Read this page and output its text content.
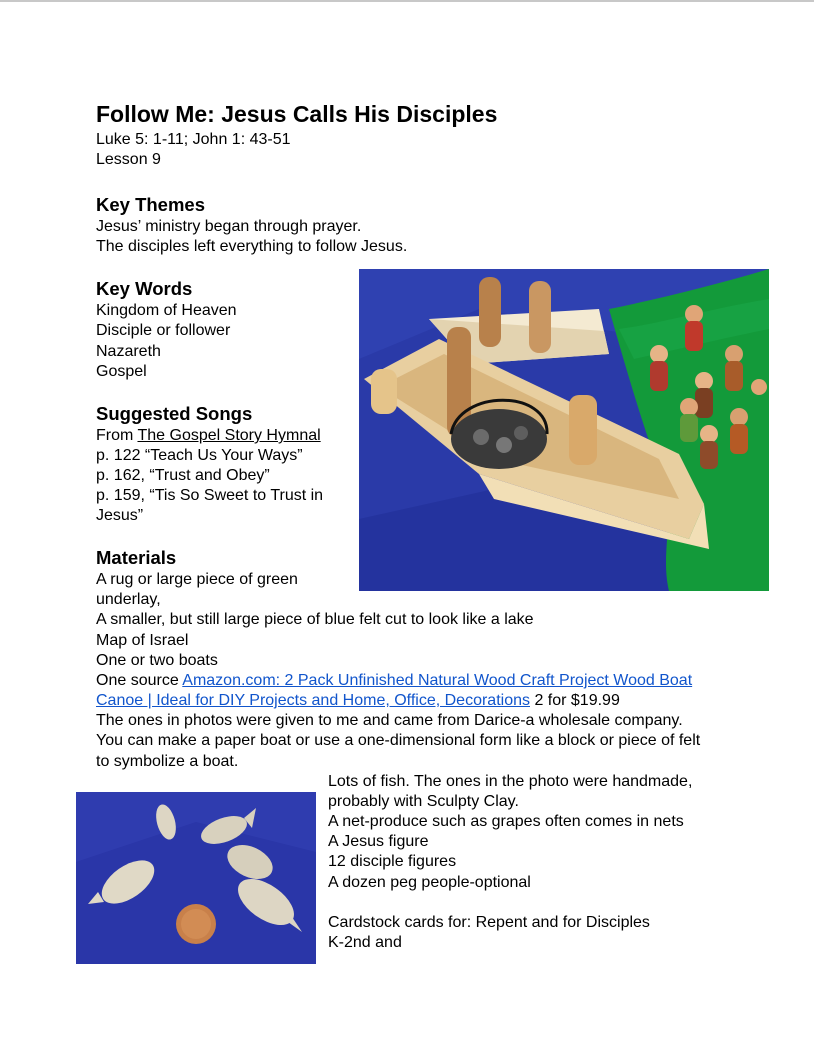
Follow Me: Jesus Calls His Disciples
Luke 5: 1-11; John 1: 43-51
Lesson 9
Key Themes
Jesus’ ministry began through prayer.
The disciples left everything to follow Jesus.
Key Words
Kingdom of Heaven
Disciple or follower
Nazareth
Gospel
Suggested Songs
From The Gospel Story Hymnal
p. 122 “Teach Us Your Ways”
p. 162, “Trust and Obey”
p. 159, “Tis So Sweet to Trust in
Jesus”
Materials
A rug or large piece of green
underlay,
A smaller, but still large piece of blue felt cut to look like a lake
Map of Israel
One or two boats
One source Amazon.com: 2 Pack Unfinished Natural Wood Craft Project Wood Boat
Canoe | Ideal for DIY Projects and Home, Office, Decorations 2 for $19.99
The ones in photos were given to me and came from Darice-a wholesale company.
You can make a paper boat or use a one-dimensional form like a block or piece of felt
to symbolize a boat.
Lots of fish. The ones in the photo were handmade,
probably with Sculpty Clay.
A net-produce such as grapes often comes in nets
A Jesus figure
12 disciple figures
A dozen peg people-optional
Cardstock cards for: Repent and for Disciples
K-2nd and
